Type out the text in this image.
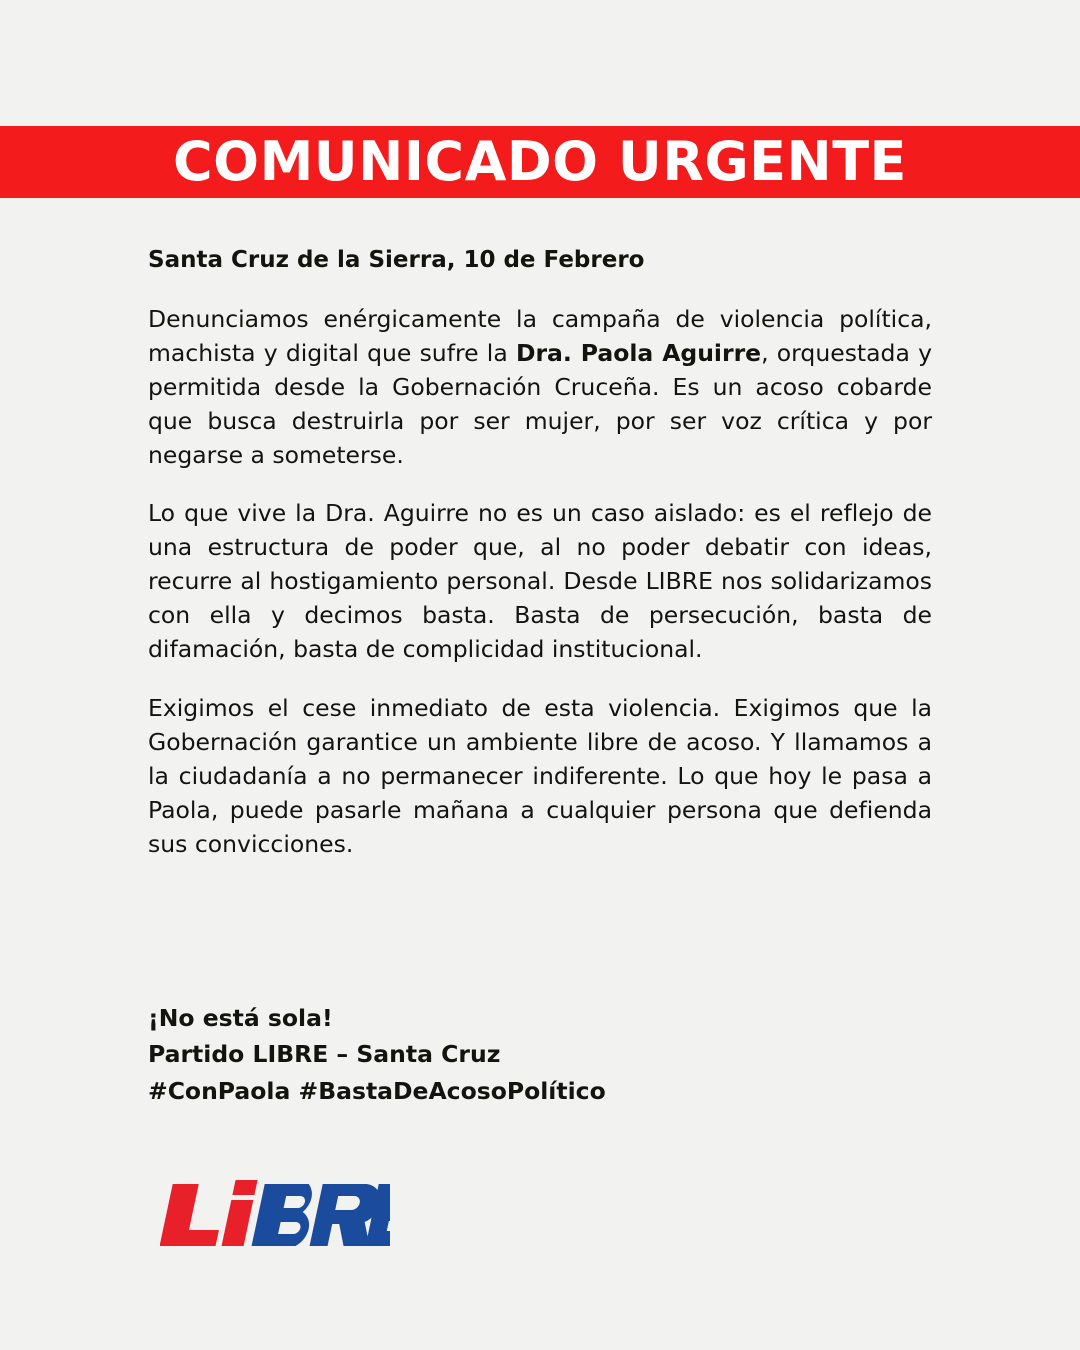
COMUNICADO URGENTE
Santa Cruz de la Sierra, 10 de Febrero

Denunciamos enérgicamente la campaña de violencia política, machista y digital que sufre la Dra. Paola Aguirre, orquestada y permitida desde la Gobernación Cruceña. Es un acoso cobarde que busca destruirla por ser mujer, por ser voz crítica y por negarse a someterse.

Lo que vive la Dra. Aguirre no es un caso aislado: es el reflejo de una estructura de poder que, al no poder debatir con ideas, recurre al hostigamiento personal. Desde LIBRE nos solidarizamos con ella y decimos basta. Basta de persecución, basta de difamación, basta de complicidad institucional.

Exigimos el cese inmediato de esta violencia. Exigimos que la Gobernación garantice un ambiente libre de acoso. Y llamamos a la ciudadanía a no permanecer indiferente. Lo que hoy le pasa a Paola, puede pasarle mañana a cualquier persona que defienda sus convicciones.

¡No está sola!
Partido LIBRE – Santa Cruz
#ConPaola #BastaDeAcosoPolítico
